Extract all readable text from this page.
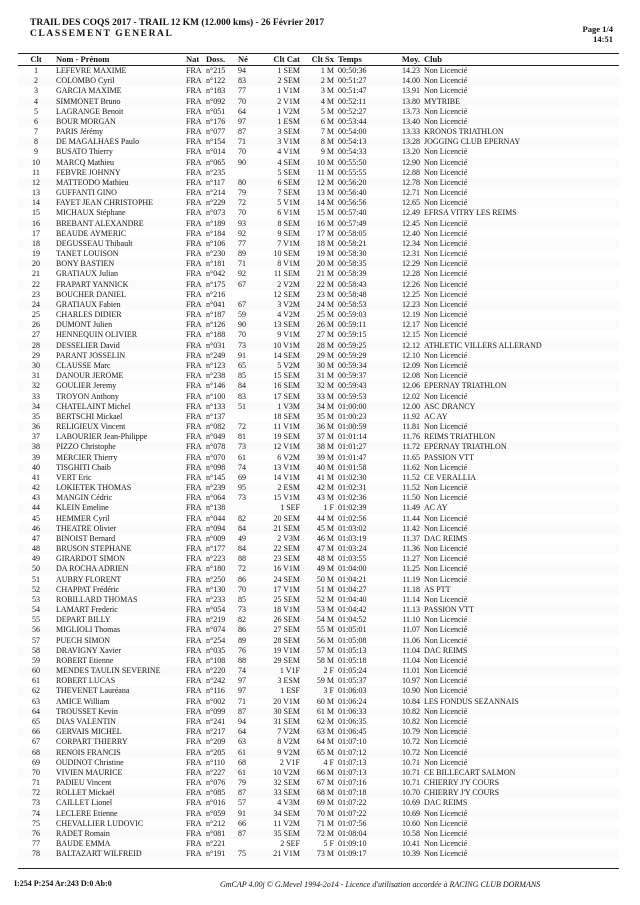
TRAIL DES COQS 2017 - TRAIL 12 KM (12.000 kms) - 26 Février 2017
CLASSEMENT GENERAL	Page 1/4
14:51
Clt	Nom - Prénom	Nat	Doss.	Né	Clt Cat	Clt Sx	Temps	Moy.	Club
1	LEFEVRE MAXIME	FRA	n°215	94	1 SEM	1 M	00:50:36	14.23	Non Licencié
2	COLOMBO Cyril	FRA	n°122	83	2 SEM	2 M	00:51:27	14.00	Non Licencié
3	GARCIA MAXIME	FRA	n°183	77	1 V1M	3 M	00:51:47	13.91	Non Licencié
4	SIMMONET Bruno	FRA	n°092	70	2 V1M	4 M	00:52:11	13.80	MYTRIBE
5	LAGRANGE Benoit	FRA	n°051	64	1 V2M	5 M	00:52:27	13.73	Non Licencié
6	BOUR MORGAN	FRA	n°176	97	1 ESM	6 M	00:53:44	13.40	Non Licencié
7	PARIS Jérémy	FRA	n°077	87	3 SEM	7 M	00:54:00	13.33	KRONOS TRIATHLON
8	DE MAGALHAES Paulo	FRA	n°154	71	3 V1M	8 M	00:54:13	13.28	JOGGING CLUB EPERNAY
9	BUSATO Thierry	FRA	n°014	70	4 V1M	9 M	00:54:33	13.20	Non Licencié
10	MARCQ Mathieu	FRA	n°065	90	4 SEM	10 M	00:55:50	12.90	Non Licencié
11	FEBVRE JOHNNY	FRA	n°235		5 SEM	11 M	00:55:55	12.88	Non Licencié
12	MATTEODO Mathieu	FRA	n°117	80	6 SEM	12 M	00:56:20	12.78	Non Licencié
13	GUFFANTI GINO	FRA	n°214	79	7 SEM	13 M	00:56:40	12.71	Non Licencié
14	FAYET JEAN CHRISTOPHE	FRA	n°229	72	5 V1M	14 M	00:56:56	12.65	Non Licencié
15	MICHAUX Stéphane	FRA	n°073	70	6 V1M	15 M	00:57:40	12.49	EFRSA VITRY LES REIMS
16	BREBANT ALEXANDRE	FRA	n°189	93	8 SEM	16 M	00:57:49	12.45	Non Licencié
17	BEAUDE AYMERIC	FRA	n°184	92	9 SEM	17 M	00:58:05	12.40	Non Licencié
18	DEGUSSEAU Thibault	FRA	n°106	77	7 V1M	18 M	00:58:21	12.34	Non Licencié
19	TANET LOUISON	FRA	n°230	89	10 SEM	19 M	00:58:30	12.31	Non Licencié
20	BONY BASTIEN	FRA	n°181	71	8 V1M	20 M	00:58:35	12.29	Non Licencié
21	GRATIAUX Julian	FRA	n°042	92	11 SEM	21 M	00:58:39	12.28	Non Licencié
22	FRAPART YANNICK	FRA	n°175	67	2 V2M	22 M	00:58:43	12.26	Non Licencié
23	BOUCHER DANIEL	FRA	n°216		12 SEM	23 M	00:58:48	12.25	Non Licencié
24	GRATIAUX Fabien	FRA	n°041	67	3 V2M	24 M	00:58:53	12.23	Non Licencié
25	CHARLES DIDIER	FRA	n°187	59	4 V2M	25 M	00:59:03	12.19	Non Licencié
26	DUMONT Julien	FRA	n°126	90	13 SEM	26 M	00:59:11	12.17	Non Licencié
27	HENNEQUIN OLIVIER	FRA	n°188	70	9 V1M	27 M	00:59:15	12.15	Non Licencié
28	DESSELIER David	FRA	n°031	73	10 V1M	28 M	00:59:25	12.12	ATHLETIC VILLERS ALLERAND
29	PARANT JOSSELIN	FRA	n°249	91	14 SEM	29 M	00:59:29	12.10	Non Licencié
30	CLAUSSE Marc	FRA	n°123	65	5 V2M	30 M	00:59:34	12.09	Non Licencié
31	DANOUR JEROME	FRA	n°238	85	15 SEM	31 M	00:59:37	12.08	Non Licencié
32	GOULIER Jeremy	FRA	n°146	84	16 SEM	32 M	00:59:43	12.06	EPERNAY TRIATHLON
33	TROYON Anthony	FRA	n°100	83	17 SEM	33 M	00:59:53	12.02	Non Licencié
34	CHATELAINT Michel	FRA	n°133	51	1 V3M	34 M	01:00:00	12.00	ASC DRANCY
35	BERTSCHI Mickael	FRA	n°137		18 SEM	35 M	01:00:23	11.92	AC AY
36	RELIGIEUX Vincent	FRA	n°082	72	11 V1M	36 M	01:00:59	11.81	Non Licencié
37	LABOURIER Jean-Philippe	FRA	n°049	81	19 SEM	37 M	01:01:14	11.76	REIMS TRIATHLON
38	PIZZO Christophe	FRA	n°078	73	12 V1M	38 M	01:01:27	11.72	EPERNAY TRIATHLON
39	MERCIER Thierry	FRA	n°070	61	6 V2M	39 M	01:01:47	11.65	PASSION VTT
40	TISGHITI Chaib	FRA	n°098	74	13 V1M	40 M	01:01:58	11.62	Non Licencié
41	VERT Eric	FRA	n°145	69	14 V1M	41 M	01:02:30	11.52	CE VERALLIA
42	LOKIETEK THOMAS	FRA	n°239	95	2 ESM	42 M	01:02:31	11.52	Non Licencié
43	MANGIN Cédric	FRA	n°064	73	15 V1M	43 M	01:02:36	11.50	Non Licencié
44	KLEIN Emeline	FRA	n°138		1 SEF	1 F	01:02:39	11.49	AC AY
45	HEMMER Cyril	FRA	n°044	82	20 SEM	44 M	01:02:56	11.44	Non Licencié
46	THEATRE Olivier	FRA	n°094	84	21 SEM	45 M	01:03:02	11.42	Non Licencié
47	BINOIST Bernard	FRA	n°009	49	2 V3M	46 M	01:03:19	11.37	DAC REIMS
48	BRUSON STEPHANE	FRA	n°177	84	22 SEM	47 M	01:03:24	11.36	Non Licencié
49	GIRARDOT SIMON	FRA	n°223	88	23 SEM	48 M	01:03:55	11.27	Non Licencié
50	DA ROCHA ADRIEN	FRA	n°180	72	16 V1M	49 M	01:04:00	11.25	Non Licencié
51	AUBRY FLORENT	FRA	n°250	86	24 SEM	50 M	01:04:21	11.19	Non Licencié
52	CHAPPAT Frédéric	FRA	n°130	70	17 V1M	51 M	01:04:27	11.18	AS PTT
53	ROBILLARD THOMAS	FRA	n°233	85	25 SEM	52 M	01:04:40	11.14	Non Licencié
54	LAMART Frederic	FRA	n°054	73	18 V1M	53 M	01:04:42	11.13	PASSION VTT
55	DEPART BILLY	FRA	n°219	82	26 SEM	54 M	01:04:52	11.10	Non Licencié
56	MIGLIOLI Thomas	FRA	n°074	86	27 SEM	55 M	01:05:01	11.07	Non Licencié
57	PUECH SIMON	FRA	n°254	89	28 SEM	56 M	01:05:08	11.06	Non Licencié
58	DRAVIGNY Xavier	FRA	n°035	76	19 V1M	57 M	01:05:13	11.04	DAC REIMS
59	ROBERT Etienne	FRA	n°108	88	29 SEM	58 M	01:05:18	11.04	Non Licencié
60	MENDES TAULIN SEVERINE	FRA	n°220	74	1 V1F	2 F	01:05:24	11.01	Non Licencié
61	ROBERT LUCAS	FRA	n°242	97	3 ESM	59 M	01:05:37	10.97	Non Licencié
62	THEVENET Lauréana	FRA	n°116	97	1 ESF	3 F	01:06:03	10.90	Non Licencié
63	AMICE William	FRA	n°002	71	20 V1M	60 M	01:06:24	10.84	LES FONDUS SEZANNAIS
64	TROUSSET Kevin	FRA	n°099	87	30 SEM	61 M	01:06:33	10.82	Non Licencié
65	DIAS VALENTIN	FRA	n°241	94	31 SEM	62 M	01:06:35	10.82	Non Licencié
66	GERVAIS MICHEL	FRA	n°217	64	7 V2M	63 M	01:06:45	10.79	Non Licencié
67	CORPART THIERRY	FRA	n°209	63	8 V2M	64 M	01:07:10	10.72	Non Licencié
68	RENOIS FRANCIS	FRA	n°205	61	9 V2M	65 M	01:07:12	10.72	Non Licencié
69	OUDINOT Christine	FRA	n°110	68	2 V1F	4 F	01:07:13	10.71	Non Licencié
70	VIVIEN MAURICE	FRA	n°227	61	10 V2M	66 M	01:07:13	10.71	CE BILLECART SALMON
71	PADIEU Vincent	FRA	n°076	79	32 SEM	67 M	01:07:16	10.71	CHIERRY J'Y COURS
72	ROLLET Mickaël	FRA	n°085	87	33 SEM	68 M	01:07:18	10.70	CHIERRY J'Y COURS
73	CAILLET Lionel	FRA	n°016	57	4 V3M	69 M	01:07:22	10.69	DAC REIMS
74	LECLERE Etienne	FRA	n°059	91	34 SEM	70 M	01:07:22	10.69	Non Licencié
75	CHEVALLIER LUDOVIC	FRA	n°212	66	11 V2M	71 M	01:07:56	10.60	Non Licencié
76	RADET Romain	FRA	n°081	87	35 SEM	72 M	01:08:04	10.58	Non Licencié
77	BAUDE EMMA	FRA	n°221		2 SEF	5 F	01:09:10	10.41	Non Licencié
78	BALTAZART WILFREID	FRA	n°191	75	21 V1M	73 M	01:09:17	10.39	Non Licencié
I:254 P:254 Ar:243 D:0 Ab:0	GmCAP 4.00j © G.Mevel 1994-2o14 - Licence d'utilisation accordée à RACING CLUB DORMANS
